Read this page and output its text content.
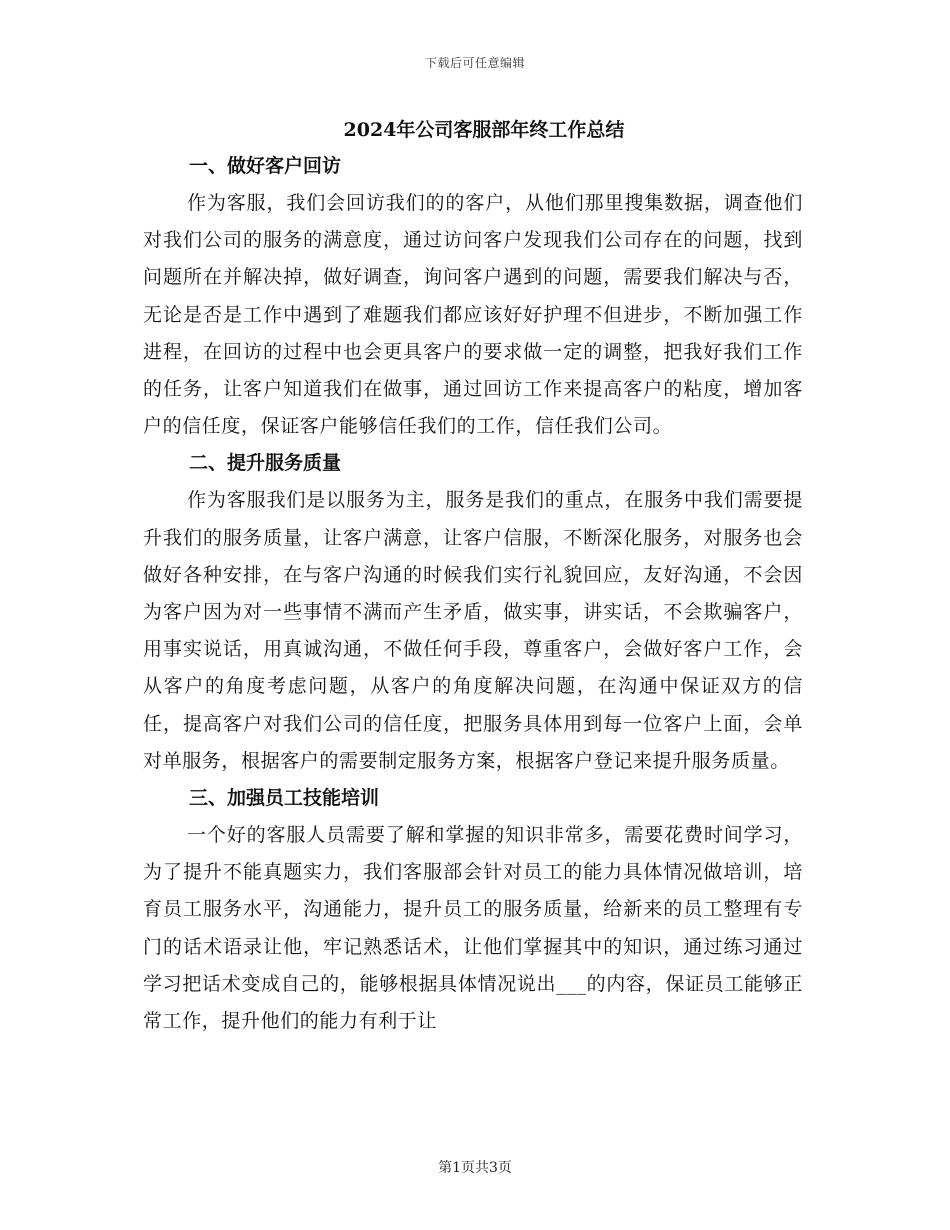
下载后可任意编辑
2024年公司客服部年终工作总结
一、做好客户回访

作为客服，我们会回访我们的的客户，从他们那里搜集数据，调查他们对我们公司的服务的满意度，通过访问客户发现我们公司存在的问题，找到问题所在并解决掉，做好调查，询问客户遇到的问题，需要我们解决与否，无论是否是工作中遇到了难题我们都应该好好护理不但进步，不断加强工作进程，在回访的过程中也会更具客户的要求做一定的调整，把我好我们工作的任务，让客户知道我们在做事，通过回访工作来提高客户的粘度，增加客户的信任度，保证客户能够信任我们的工作，信任我们公司。

二、提升服务质量

作为客服我们是以服务为主，服务是我们的重点，在服务中我们需要提升我们的服务质量，让客户满意，让客户信服，不断深化服务，对服务也会做好各种安排，在与客户沟通的时候我们实行礼貌回应，友好沟通，不会因为客户因为对一些事情不满而产生矛盾，做实事，讲实话，不会欺骗客户，用事实说话，用真诚沟通，不做任何手段，尊重客户，会做好客户工作，会从客户的角度考虑问题，从客户的角度解决问题，在沟通中保证双方的信任，提高客户对我们公司的信任度，把服务具体用到每一位客户上面，会单对单服务，根据客户的需要制定服务方案，根据客户登记来提升服务质量。

三、加强员工技能培训

一个好的客服人员需要了解和掌握的知识非常多，需要花费时间学习，为了提升不能真题实力，我们客服部会针对员工的能力具体情况做培训，培育员工服务水平，沟通能力，提升员工的服务质量，给新来的员工整理有专门的话术语录让他，牢记熟悉话术，让他们掌握其中的知识，通过练习通过学习把话术变成自己的，能够根据具体情况说出___的内容，保证员工能够正常工作，提升他们的能力有利于让

第1页共3页
